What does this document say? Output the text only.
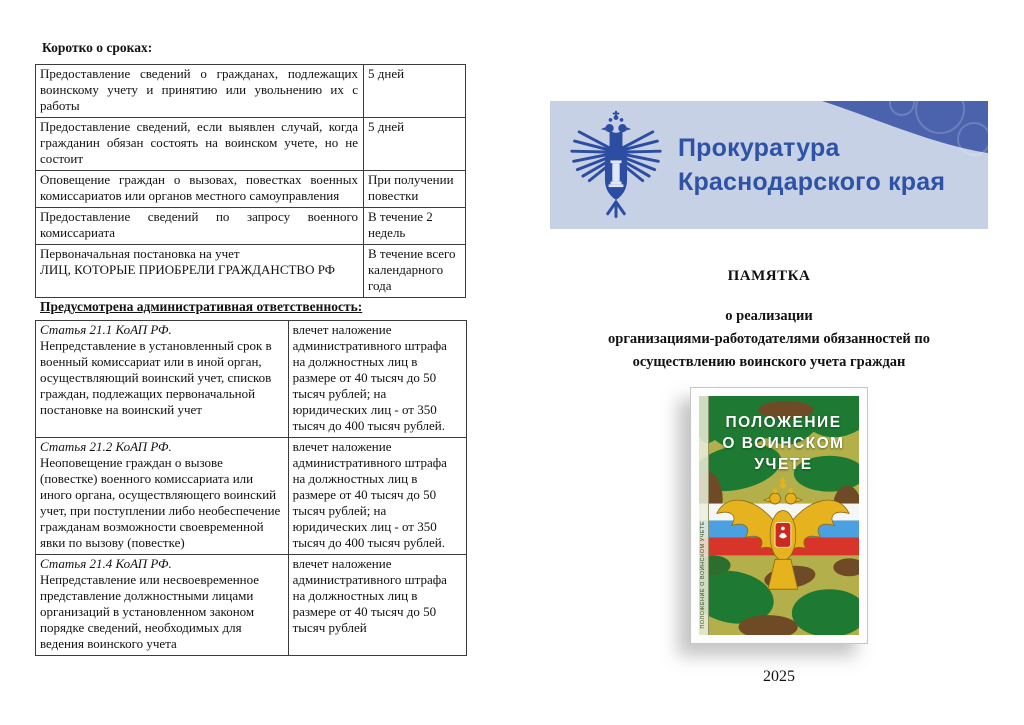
Коротко о сроках:
Предоставление сведений о гражданах, подлежащих воинскому учету и принятию или увольнению их с работы	5 дней
Предоставление сведений, если выявлен случай, когда гражданин обязан состоять на воинском учете, но не состоит	5 дней
Оповещение граждан о вызовах, повестках военных комиссариатов или органов местного самоуправления	При получении повестки
Предоставление сведений по запросу военного комиссариата	В течение 2 недель

Первоначальная постановка на учет
ЛИЦ, КОТОРЫЕ ПРИОБРЕЛИ ГРАЖДАНСТВО РФ	В течение всего календарного года
Предусмотрена административная ответственность:
Статья 21.1 КоАП РФ.
Непредставление в установленный срок в военный комиссариат или в иной орган, осуществляющий воинский учет, списков граждан, подлежащих первоначальной постановке на воинский учет	влечет наложение административного штрафа на должностных лиц в размере от 40 тысяч до 50 тысяч рублей; на юридических лиц - от 350 тысяч до 400 тысяч рублей.

Статья 21.2 КоАП РФ.
Неоповещение граждан о вызове (повестке) военного комиссариата или иного органа, осуществляющего воинский учет, при поступлении либо необеспечение гражданам возможности своевременной явки по вызову (повестке)	влечет наложение административного штрафа на должностных лиц в размере от 40 тысяч до 50 тысяч рублей; на юридических лиц - от 350 тысяч до 400 тысяч рублей.

Статья 21.4 КоАП РФ.
Непредставление или несвоевременное представление должностными лицами организаций в установленном законом порядке сведений, необходимых для ведения воинского учета	влечет наложение административного штрафа на должностных лиц в размере от 40 тысяч до 50 тысяч рублей
Прокуратура
Краснодарского края
ПАМЯТКА
о реализации
организациями-работодателями обязанностей по
осуществлению воинского учета граждан
ПОЛОЖЕНИЕ
О ВОИНСКОМ
УЧЕТЕ
ПОЛОЖЕНИЕ О ВОИНСКОМ УЧЕТЕ
2025
